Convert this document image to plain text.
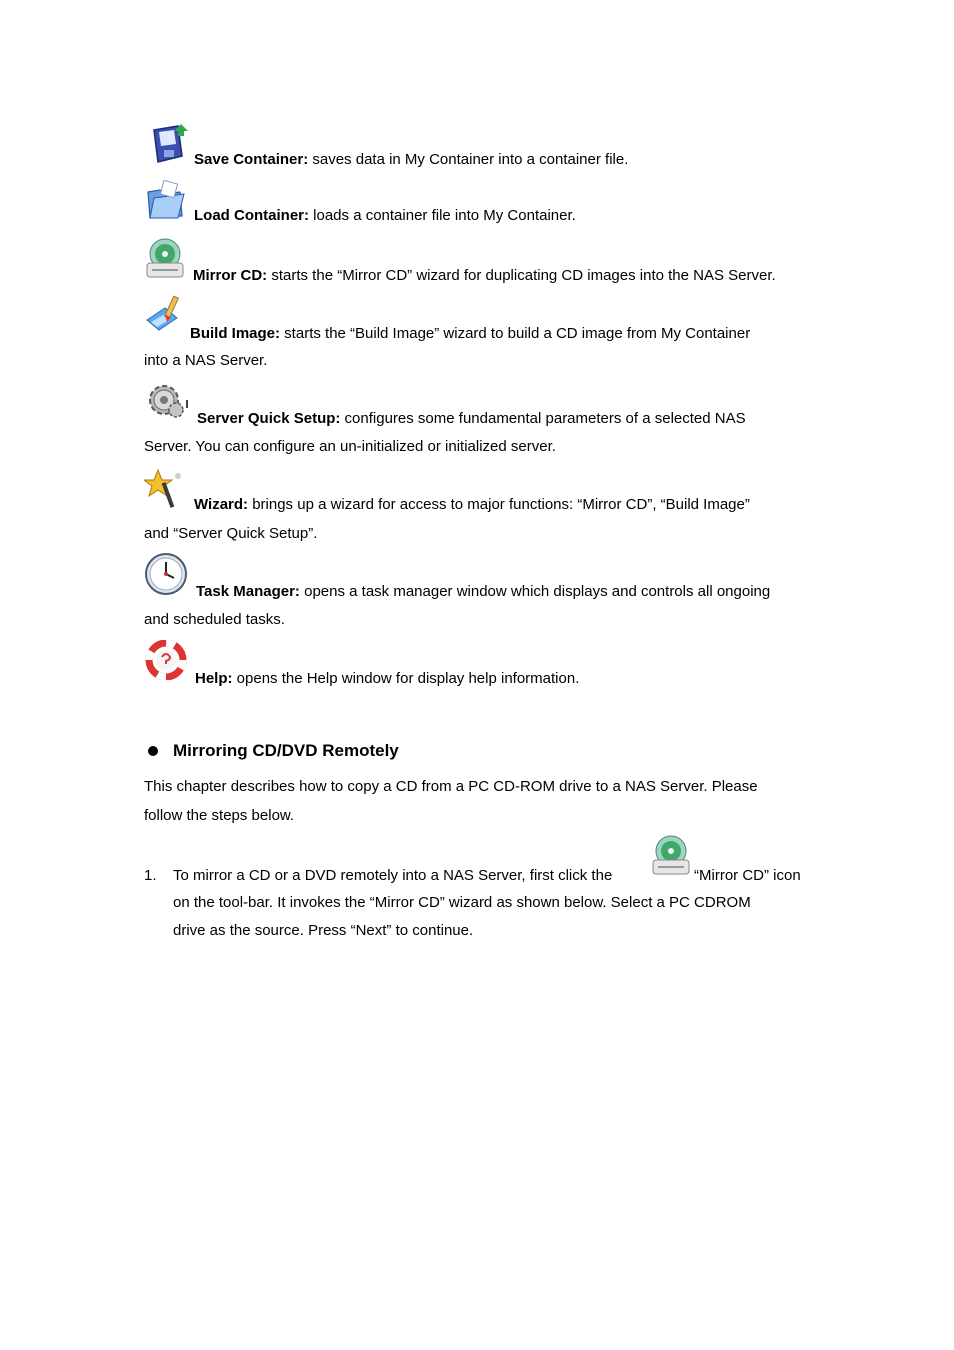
Save Container: saves data in My Container into a container file.
Load Container: loads a container file into My Container.
Mirror CD: starts the “Mirror CD” wizard for duplicating CD images into the NAS Server.
Build Image: starts the “Build Image” wizard to build a CD image from My Container
into a NAS Server.
Server Quick Setup: configures some fundamental parameters of a selected NAS
Server. You can configure an un-initialized or initialized server.
Wizard: brings up a wizard for access to major functions: “Mirror CD”, “Build Image”
and “Server Quick Setup”.
Task Manager: opens a task manager window which displays and controls all ongoing
and scheduled tasks.
Help: opens the Help window for display help information.
Mirroring CD/DVD Remotely
This chapter describes how to copy a CD from a PC CD-ROM drive to a NAS Server. Please
follow the steps below.
1. To mirror a CD or a DVD remotely into a NAS Server, first click the	“Mirror CD” icon
on the tool-bar. It invokes the “Mirror CD” wizard as shown below. Select a PC CDROM
drive as the source. Press “Next” to continue.
